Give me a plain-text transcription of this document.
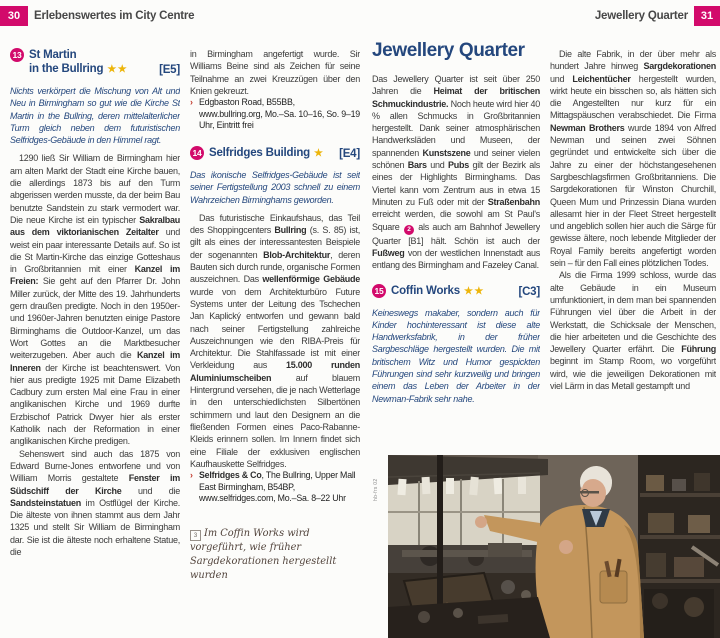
30	Erlebenswertes im City Centre	Jewellery Quarter	31
13 St Martin
in the Bullring ★★	[E5]

Nichts verkörpert die Mischung von Alt und Neu in Birmingham so gut wie die Kirche St Martin in the Bullring, deren mittelalterlicher Turm gleich neben dem futuristischen Selfridges-Gebäude in den Himmel ragt.

1290 ließ Sir William de Birmingham hier am alten Markt der Stadt eine Kirche bauen, die allerdings 1873 bis auf den Turm abgerissen werden musste, da der beim Bau benutzte Sandstein zu stark vermodert war. Die neue Kirche ist ein typischer Sakralbau aus dem viktorianischen Zeitalter und weist ein paar interessante Details auf. So ist die St Martin-Kirche das einzige Gotteshaus in Großbritannien mit einer Kanzel im Freien: Sie geht auf den Pfarrer Dr. John Miller zurück, der Mitte des 19. Jahrhunderts gern draußen predigte. Noch in den 1950er- und 1960er-Jahren benutzten einige Pastore Birminghams die Outdoor-Kanzel, um das Wort Gottes an die Marktbesucher weiterzugeben. Aber auch die Kanzel im Inneren der Kirche ist beachtenswert. Von hier aus predigte 1925 mit Dame Elizabeth Cadbury zum ersten Mal eine Frau in einer anglikanischen Kirche und 1969 durfte Erzbischof Patrick Dwyer hier als erster Katholik nach der Reformation in einer anglikanischen Kirche predigen.

Sehenswert sind auch das 1875 von Edward Burne-Jones entworfene und von William Morris gestaltete Fenster im Südschiff der Kirche und die Sandsteinstatuen im Ostflügel der Kirche. Die älteste von ihnen stammt aus dem Jahr 1325 und stellt Sir William de Birmingham dar. Sie ist die älteste noch erhaltene Statue, die

in Birmingham angefertigt wurde. Sir Williams Beine sind als Zeichen für seine Teilnahme an zwei Kreuzzügen über den Knien gekreuzt.

› Edgbaston Road, B55BB, www.bullring.org, Mo.–Sa. 10–16, So. 9–19 Uhr, Eintritt frei

14 Selfridges Building ★ [E4]

Das ikonische Selfridges-Gebäude ist seit seiner Fertigstellung 2003 schnell zu einem Wahrzeichen Birminghams geworden.

Das futuristische Einkaufshaus, das Teil des Shoppingcenters Bullring (s. S. 85) ist, gilt als eines der interessantesten Beispiele der sogenannten Blob-Architektur, deren Bauten sich durch runde, organische Formen auszeichnen. Das wellenförmige Gebäude wurde von dem Architekturbüro Future Systems unter der Leitung des Tschechen Jan Kaplický entworfen und gewann bald nach seiner Fertigstellung zahlreiche Auszeichnungen wie den RIBA-Preis für Architektur. Die Stahlfassade ist mit einer Verkleidung aus 15.000 runden Aluminiumscheiben auf blauem Hintergrund versehen, die je nach Wetterlage in den unterschiedlichsten Silbertönen schimmern und laut den Designern an die fließenden Formen eines Paco-Rabanne-Kleids erinnern sollen. Im Innern findet sich eine Filiale der exklusiven englischen Kaufhauskette Selfridges.

› Selfridges & Co, The Bullring, Upper Mall East Birmingham, B54BP, www.selfridges.com, Mo.–Sa. 8–22 Uhr

3 Im Coffin Works wird vorgeführt, wie früher Sargdekorationen hergestellt wurden

Jewellery Quarter

Das Jewellery Quarter ist seit über 250 Jahren die Heimat der britischen Schmuckindustrie. Noch heute wird hier 40 % allen Schmucks in Großbritannien hergestellt. Dank seiner atmosphärischen Handwerksläden und Museen, der spannenden Kunstszene und seiner vielen schönen Bars und Pubs gilt der Bezirk als eines der Highlights Birminghams. Das Viertel kann vom Zentrum aus in etwa 15 Minuten zu Fuß oder mit der Straßenbahn erreicht werden, die sowohl am St Paul's Square 2 als auch am Bahnhof Jewellery Quarter [B1] hält. Schön ist auch der Fußweg von der westlichen Innenstadt aus entlang des Birmingham and Fazeley Canal.

15 Coffin Works ★★	[C3]

Keineswegs makaber, sondern auch für Kinder hochinteressant ist diese alte Handwerksfabrik, in der früher Sargbeschläge hergestellt wurden. Die mit britischem Witz und Humor gespickten Führungen sind sehr kurzweilig und bringen einem das Leben der Arbeiter in der Newman-Fabrik sehr nahe.

Die alte Fabrik, in der über mehr als hundert Jahre hinweg Sargdekorationen und Leichentücher hergestellt wurden, wirkt heute ein bisschen so, als hätten sich die Angestellten nur kurz für ein Mittagspäuschen verabschiedet. Die Firma Newman Brothers wurde 1894 von Alfred Newman und seinen zwei Söhnen gegründet und entwickelte sich über die Jahre zu einer der höchstangesehenen Sargbeschlagsfirmen Großbritanniens. Die Sargdekorationen für Winston Churchill, Queen Mum und Prinzessin Diana wurden allesamt hier in der Fleet Street hergestellt und angeblich sollen hier auch die Särge für gewisse ältere, noch lebende Mitglieder der Royal Family bereits angefertigt worden sein – für den Fall eines plötzlichen Todes.

Als die Firma 1999 schloss, wurde das alte Gebäude in ein Museum umfunktioniert, in dem man bei spannenden Führungen viel über die Arbeit in der Werkstatt, die Schicksale der Menschen, die hier arbeiteten und die Geschichte des Jewellery Quarter erfährt. Die Führung beginnt im Stamp Room, wo vorgeführt wird, wie die jeweiligen Dekorationen mit viel Lärm in das Metall gestampft und

hb-frs 02
